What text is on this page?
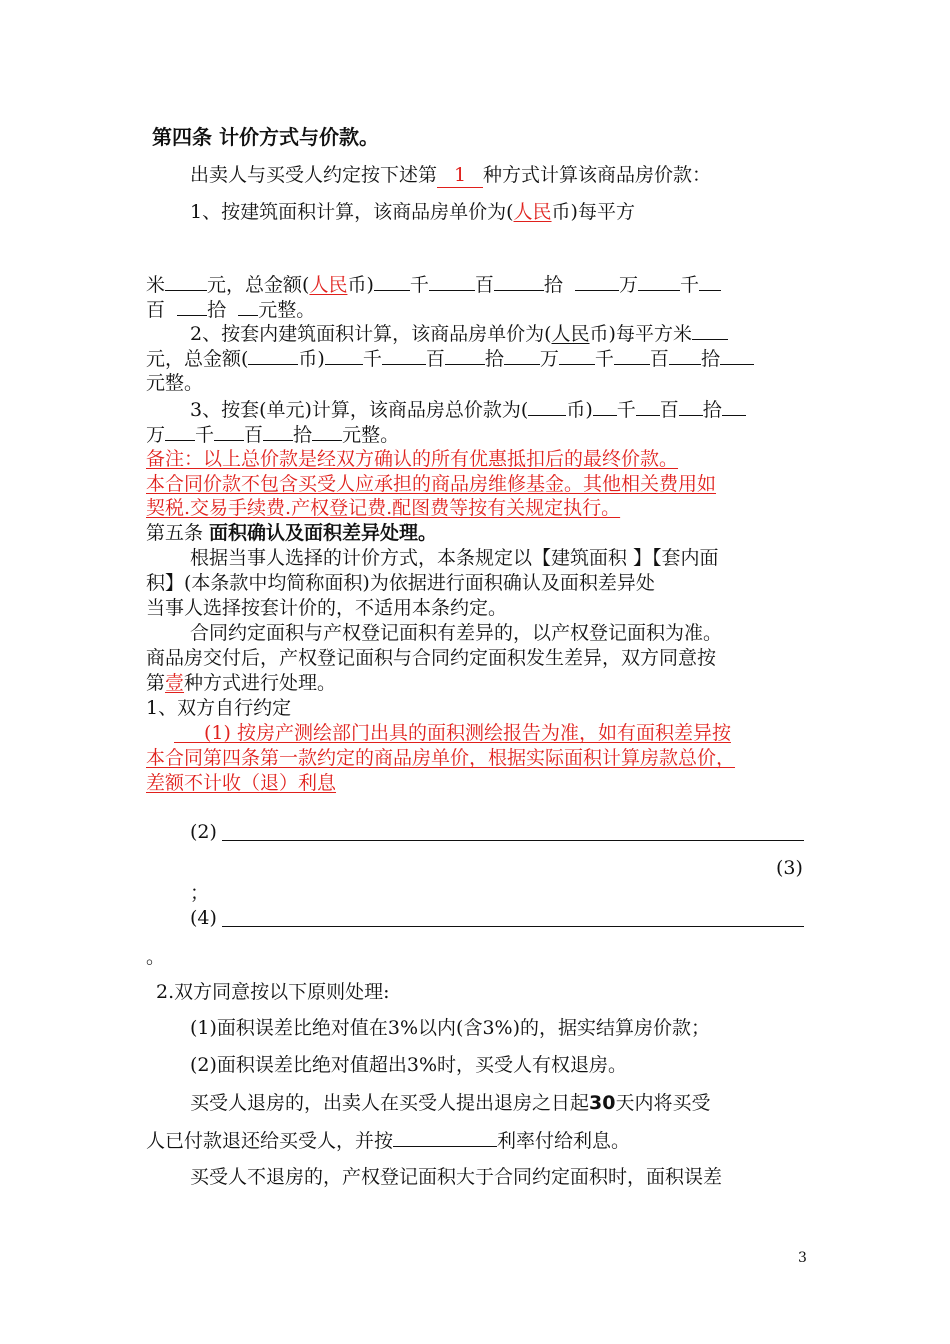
第四条 计价方式与价款。
出卖人与买受人约定按下述第 1 种方式计算该商品房价款：
1、按建筑面积计算，该商品房单价为(人民币)每平方
米 元，总金额(人民币) 千 百	拾	万 千
百 拾 元整。
2、按套内建筑面积计算，该商品房单价为(人民币)每平方米
元，总金额(	币) 千 百 拾 万 千 百 拾
元整。
3、按套(单元)计算，该商品房总价款为( 币) 千 百 拾
万 千 百 拾 元整。
备注：以上总价款是经双方确认的所有优惠抵扣后的最终价款。
本合同价款不包含买受人应承担的商品房维修基金。其他相关费用如
契税.交易手续费.产权登记费.配图费等按有关规定执行。
第五条 面积确认及面积差异处理。
根据当事人选择的计价方式，本条规定以【建筑面积 】【套内面
积】(本条款中均简称面积)为依据进行面积确认及面积差异处
当事人选择按套计价的，不适用本条约定。
合同约定面积与产权登记面积有差异的，以产权登记面积为准。
商品房交付后，产权登记面积与合同约定面积发生差异，双方同意按
第壹种方式进行处理。
1、双方自行约定
(1) 按房产测绘部门出具的面积测绘报告为准，如有面积差异按
本合同第四条第一款约定的商品房单价，根据实际面积计算房款总价，
差额不计收（退）利息
(2)
(3)
；
(4)
。
2.双方同意按以下原则处理:
(1)面积误差比绝对值在3%以内(含3%)的，据实结算房价款；
(2)面积误差比绝对值超出3%时，买受人有权退房。
买受人退房的，出卖人在买受人提出退房之日起30天内将买受
人已付款退还给买受人，并按	利率付给利息。
买受人不退房的，产权登记面积大于合同约定面积时，面积误差
3
